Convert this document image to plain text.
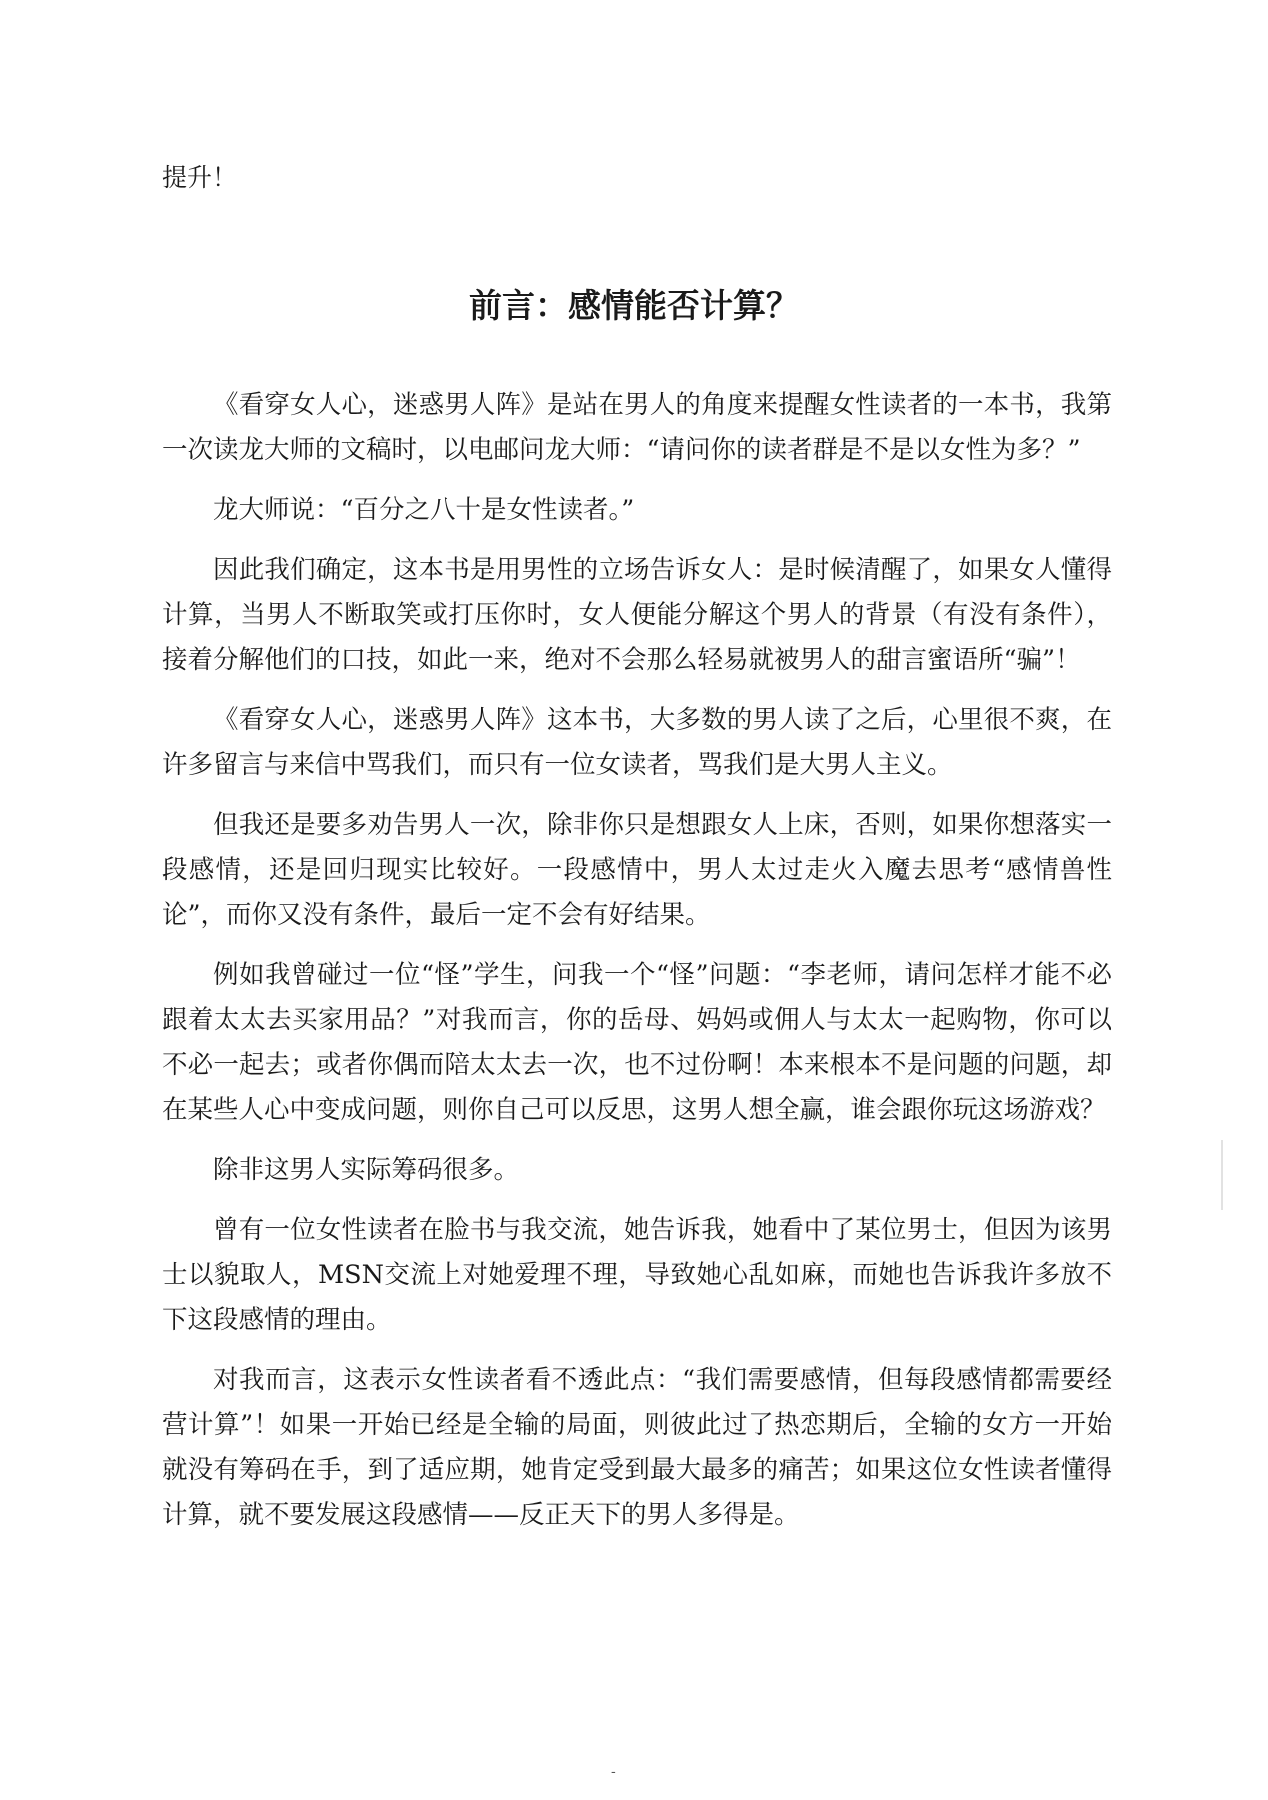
提升！

前言：感情能否计算？

《看穿女人心，迷惑男人阵》是站在男人的角度来提醒女性读者的一本书，我第一次读龙大师的文稿时，以电邮问龙大师：“请问你的读者群是不是以女性为多？”

龙大师说：“百分之八十是女性读者。”

因此我们确定，这本书是用男性的立场告诉女人：是时候清醒了，如果女人懂得计算，当男人不断取笑或打压你时，女人便能分解这个男人的背景（有没有条件），接着分解他们的口技，如此一来，绝对不会那么轻易就被男人的甜言蜜语所“骗”！

《看穿女人心，迷惑男人阵》这本书，大多数的男人读了之后，心里很不爽，在许多留言与来信中骂我们，而只有一位女读者，骂我们是大男人主义。

但我还是要多劝告男人一次，除非你只是想跟女人上床，否则，如果你想落实一段感情，还是回归现实比较好。一段感情中，男人太过走火入魔去思考“感情兽性论”，而你又没有条件，最后一定不会有好结果。

例如我曾碰过一位“怪”学生，问我一个“怪”问题：“李老师，请问怎样才能不必跟着太太去买家用品？”对我而言，你的岳母、妈妈或佣人与太太一起购物，你可以不必一起去；或者你偶而陪太太去一次，也不过份啊！本来根本不是问题的问题，却在某些人心中变成问题，则你自己可以反思，这男人想全赢，谁会跟你玩这场游戏？

除非这男人实际筹码很多。

曾有一位女性读者在脸书与我交流，她告诉我，她看中了某位男士，但因为该男士以貌取人，MSN交流上对她爱理不理，导致她心乱如麻，而她也告诉我许多放不下这段感情的理由。

对我而言，这表示女性读者看不透此点：“我们需要感情，但每段感情都需要经营计算”！如果一开始已经是全输的局面，则彼此过了热恋期后，全输的女方一开始就没有筹码在手，到了适应期，她肯定受到最大最多的痛苦；如果这位女性读者懂得计算，就不要发展这段感情——反正天下的男人多得是。

-
